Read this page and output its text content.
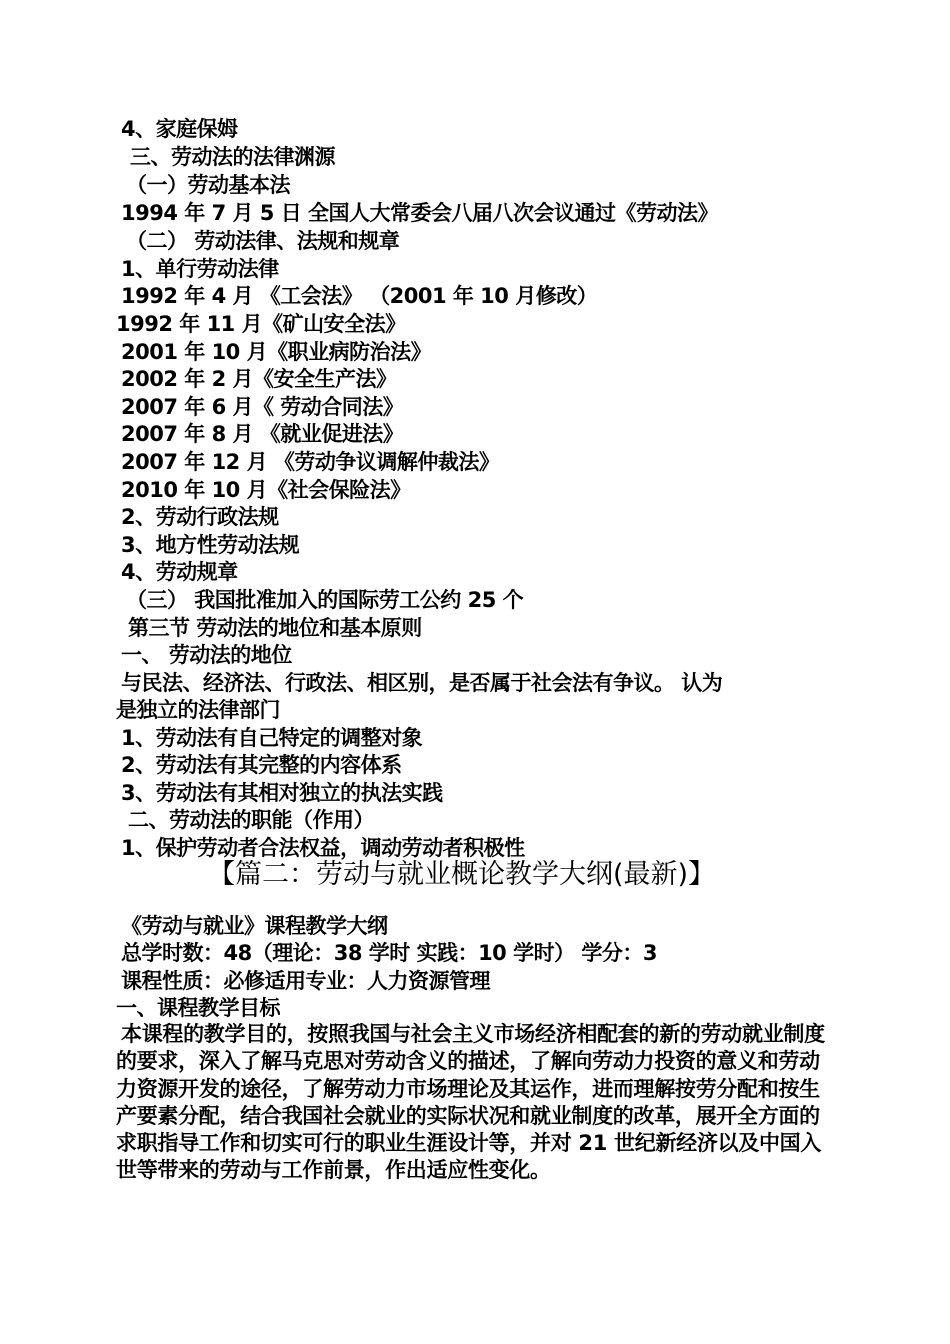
4、家庭保姆
三、劳动法的法律渊源
（一）劳动基本法
1994 年 7 月 5 日 全国人大常委会八届八次会议通过《劳动法》
（二） 劳动法律、法规和规章
1、单行劳动法律
1992 年 4 月 《工会法》 （2001 年 10 月修改）
1992 年 11 月《矿山安全法》
2001 年 10 月《职业病防治法》
2002 年 2 月《安全生产法》
2007 年 6 月《 劳动合同法》
2007 年 8 月 《就业促进法》
2007 年 12 月 《劳动争议调解仲裁法》
2010 年 10 月《社会保险法》
2、劳动行政法规
3、地方性劳动法规
4、劳动规章
（三） 我国批准加入的国际劳工公约 25 个
第三节 劳动法的地位和基本原则
一、 劳动法的地位
与民法、经济法、行政法、相区别，是否属于社会法有争议。 认为
是独立的法律部门
1、劳动法有自己特定的调整对象
2、劳动法有其完整的内容体系
3、劳动法有其相对独立的执法实践
二、劳动法的职能（作用）
1、保护劳动者合法权益，调动劳动者积极性
【篇二：劳动与就业概论教学大纲(最新)】
《劳动与就业》课程教学大纲
总学时数：48（理论：38 学时 实践：10 学时） 学分：3
课程性质：必修适用专业：人力资源管理
一、课程教学目标
本课程的教学目的，按照我国与社会主义市场经济相配套的新的劳动就业制度的要求，深入了解马克思对劳动含义的描述，了解向劳动力投资的意义和劳动力资源开发的途径，了解劳动力市场理论及其运作，进而理解按劳分配和按生产要素分配，结合我国社会就业的实际状况和就业制度的改革，展开全方面的求职指导工作和切实可行的职业生涯设计等，并对 21 世纪新经济以及中国入世等带来的劳动与工作前景，作出适应性变化。
